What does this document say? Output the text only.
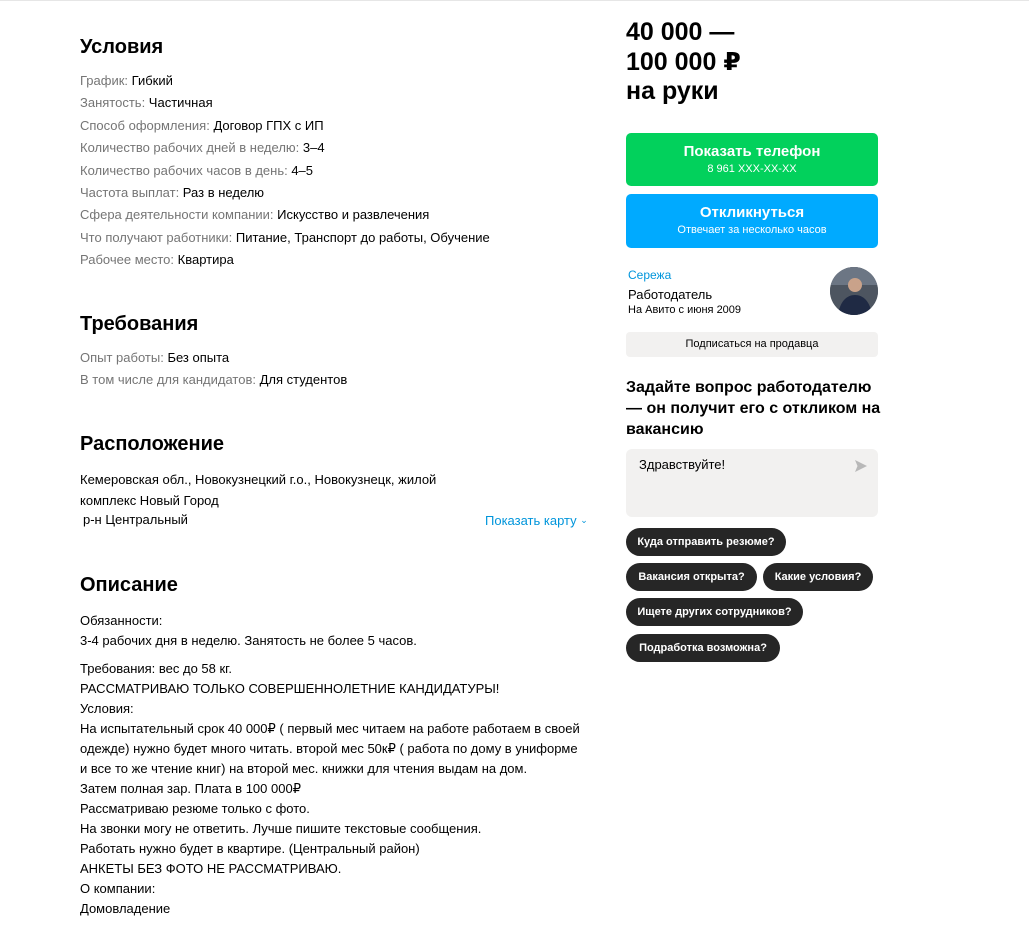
Условия
График: Гибкий
Занятость: Частичная
Способ оформления: Договор ГПХ с ИП
Количество рабочих дней в неделю: 3–4
Количество рабочих часов в день: 4–5
Частота выплат: Раз в неделю
Сфера деятельности компании: Искусство и развлечения
Что получают работники: Питание, Транспорт до работы, Обучение
Рабочее место: Квартира
Требования
Опыт работы: Без опыта
В том числе для кандидатов: Для студентов
Расположение
Кемеровская обл., Новокузнецкий г.о., Новокузнецк, жилой комплекс Новый Город
р-н Центральный	Показать карту ⌄
Описание
Обязанности:
3-4 рабочих дня в неделю. Занятость не более 5 часов.
Требования: вес до 58 кг.
РАССМАТРИВАЮ ТОЛЬКО СОВЕРШЕННОЛЕТНИЕ КАНДИДАТУРЫ!
Условия:
На испытательный срок 40 000₽ ( первый мес читаем на работе работаем в своей
одежде) нужно будет много читать. второй мес 50к₽ ( работа по дому в униформе
и все то же чтение книг) на второй мес. книжки для чтения выдам на дом.
Затем полная зар. Плата в 100 000₽
Рассматриваю резюме только с фото.
На звонки могу не ответить. Лучше пишите текстовые сообщения.
Работать нужно будет в квартире. (Центральный район)
АНКЕТЫ БЕЗ ФОТО НЕ РАССМАТРИВАЮ.
О компании:
Домовладение
40 000 —
100 000 ₽
на руки
Показать телефон
8 961 XXX-XX-XX
Откликнуться
Отвечает за несколько часов
Сережа
Работодатель
На Авито с июня 2009
Подписаться на продавца
Задайте вопрос работодателю — он получит его с откликом на вакансию
Здравствуйте!
Куда отправить резюме?
Вакансия открыта?	Какие условия?
Ищете других сотрудников?
Подработка возможна?
